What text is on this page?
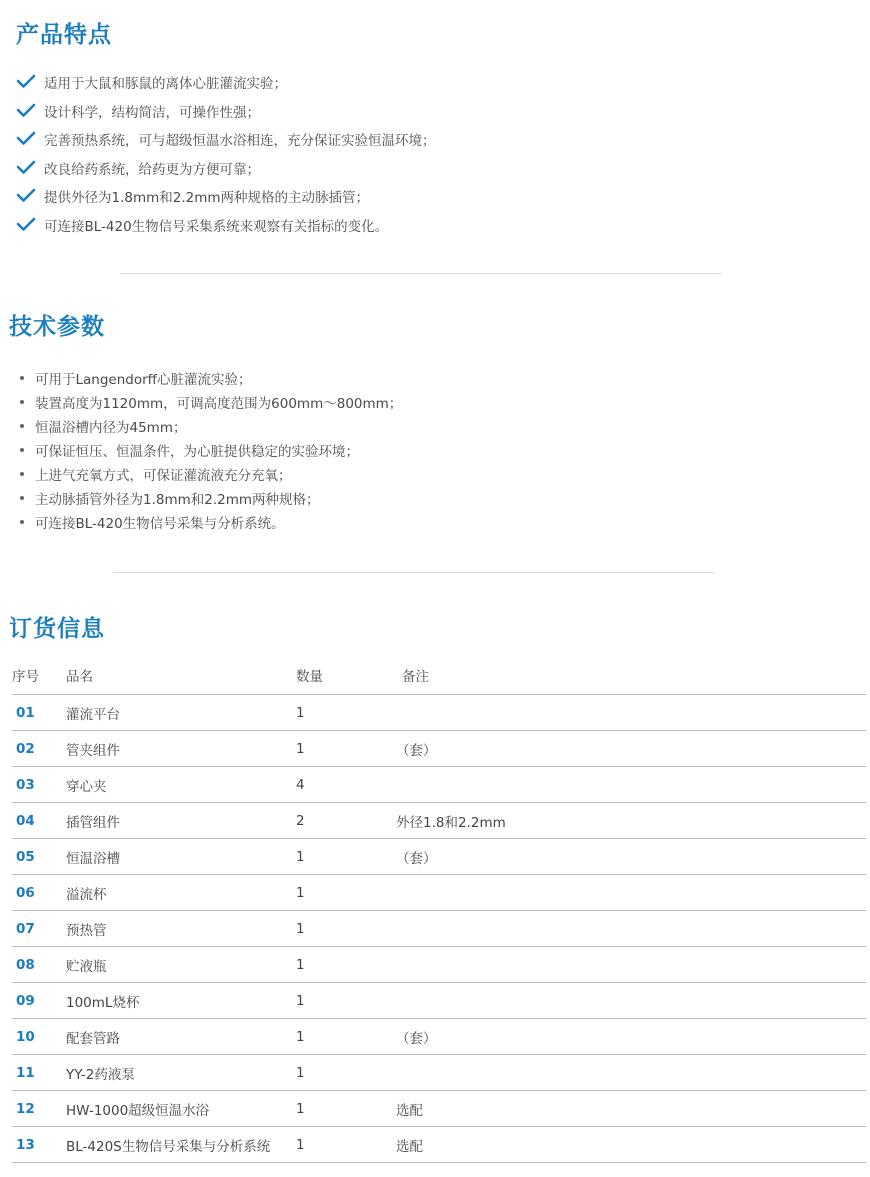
产品特点
适用于大鼠和豚鼠的离体心脏灌流实验；
设计科学，结构简洁，可操作性强；
完善预热系统，可与超级恒温水浴相连，充分保证实验恒温环境；
改良给药系统，给药更为方便可靠；
提供外径为1.8mm和2.2mm两种规格的主动脉插管；
可连接BL-420生物信号采集系统来观察有关指标的变化。
技术参数
可用于Langendorff心脏灌流实验；
装置高度为1120mm，可调高度范围为600mm～800mm；
恒温浴槽内径为45mm；
可保证恒压、恒温条件，为心脏提供稳定的实验环境；
上进气充氧方式，可保证灌流液充分充氧；
主动脉插管外径为1.8mm和2.2mm两种规格；
可连接BL-420生物信号采集与分析系统。
订货信息
序号	品名	数量	备注
01	灌流平台	1
02	管夹组件	1	（套）
03	穿心夹	4
04	插管组件	2	外径1.8和2.2mm
05	恒温浴槽	1	（套）
06	溢流杯	1
07	预热管	1
08	贮液瓶	1
09	100mL烧杯	1
10	配套管路	1	（套）
11	YY-2药液泵	1
12	HW-1000超级恒温水浴	1	选配
13	BL-420S生物信号采集与分析系统	1	选配
